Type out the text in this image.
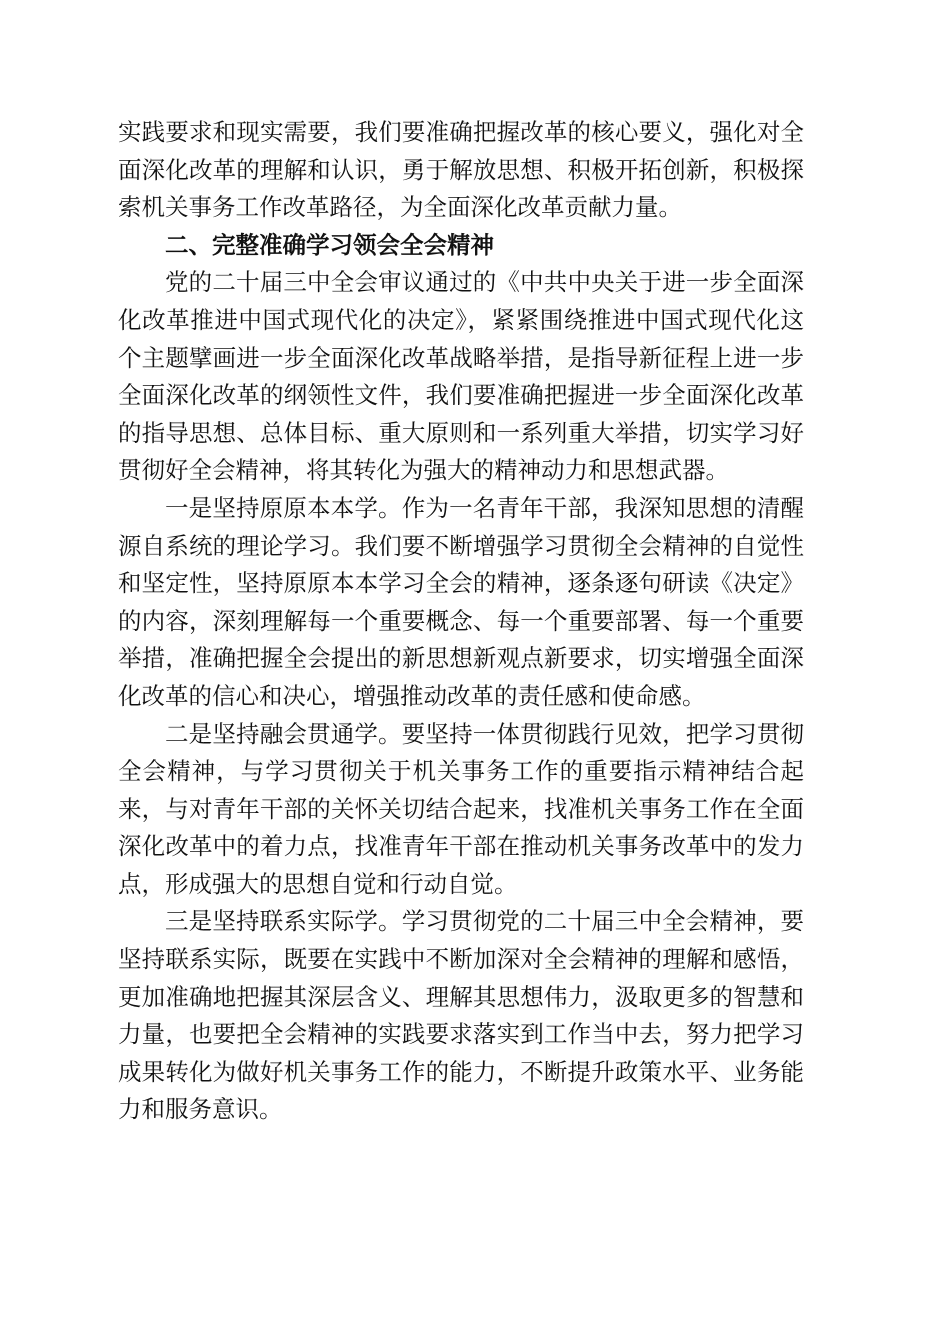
实践要求和现实需要，我们要准确把握改革的核心要义，强化对全面深化改革的理解和认识，勇于解放思想、积极开拓创新，积极探索机关事务工作改革路径，为全面深化改革贡献力量。

二、完整准确学习领会全会精神

党的二十届三中全会审议通过的《中共中央关于进一步全面深化改革推进中国式现代化的决定》，紧紧围绕推进中国式现代化这个主题擘画进一步全面深化改革战略举措，是指导新征程上进一步全面深化改革的纲领性文件，我们要准确把握进一步全面深化改革的指导思想、总体目标、重大原则和一系列重大举措，切实学习好贯彻好全会精神，将其转化为强大的精神动力和思想武器。

一是坚持原原本本学。作为一名青年干部，我深知思想的清醒源自系统的理论学习。我们要不断增强学习贯彻全会精神的自觉性和坚定性，坚持原原本本学习全会的精神，逐条逐句研读《决定》的内容，深刻理解每一个重要概念、每一个重要部署、每一个重要举措，准确把握全会提出的新思想新观点新要求，切实增强全面深化改革的信心和决心，增强推动改革的责任感和使命感。

二是坚持融会贯通学。要坚持一体贯彻践行见效，把学习贯彻全会精神，与学习贯彻关于机关事务工作的重要指示精神结合起来，与对青年干部的关怀关切结合起来，找准机关事务工作在全面深化改革中的着力点，找准青年干部在推动机关事务改革中的发力点，形成强大的思想自觉和行动自觉。

三是坚持联系实际学。学习贯彻党的二十届三中全会精神，要坚持联系实际，既要在实践中不断加深对全会精神的理解和感悟，更加准确地把握其深层含义、理解其思想伟力，汲取更多的智慧和力量，也要把全会精神的实践要求落实到工作当中去，努力把学习成果转化为做好机关事务工作的能力，不断提升政策水平、业务能力和服务意识。
